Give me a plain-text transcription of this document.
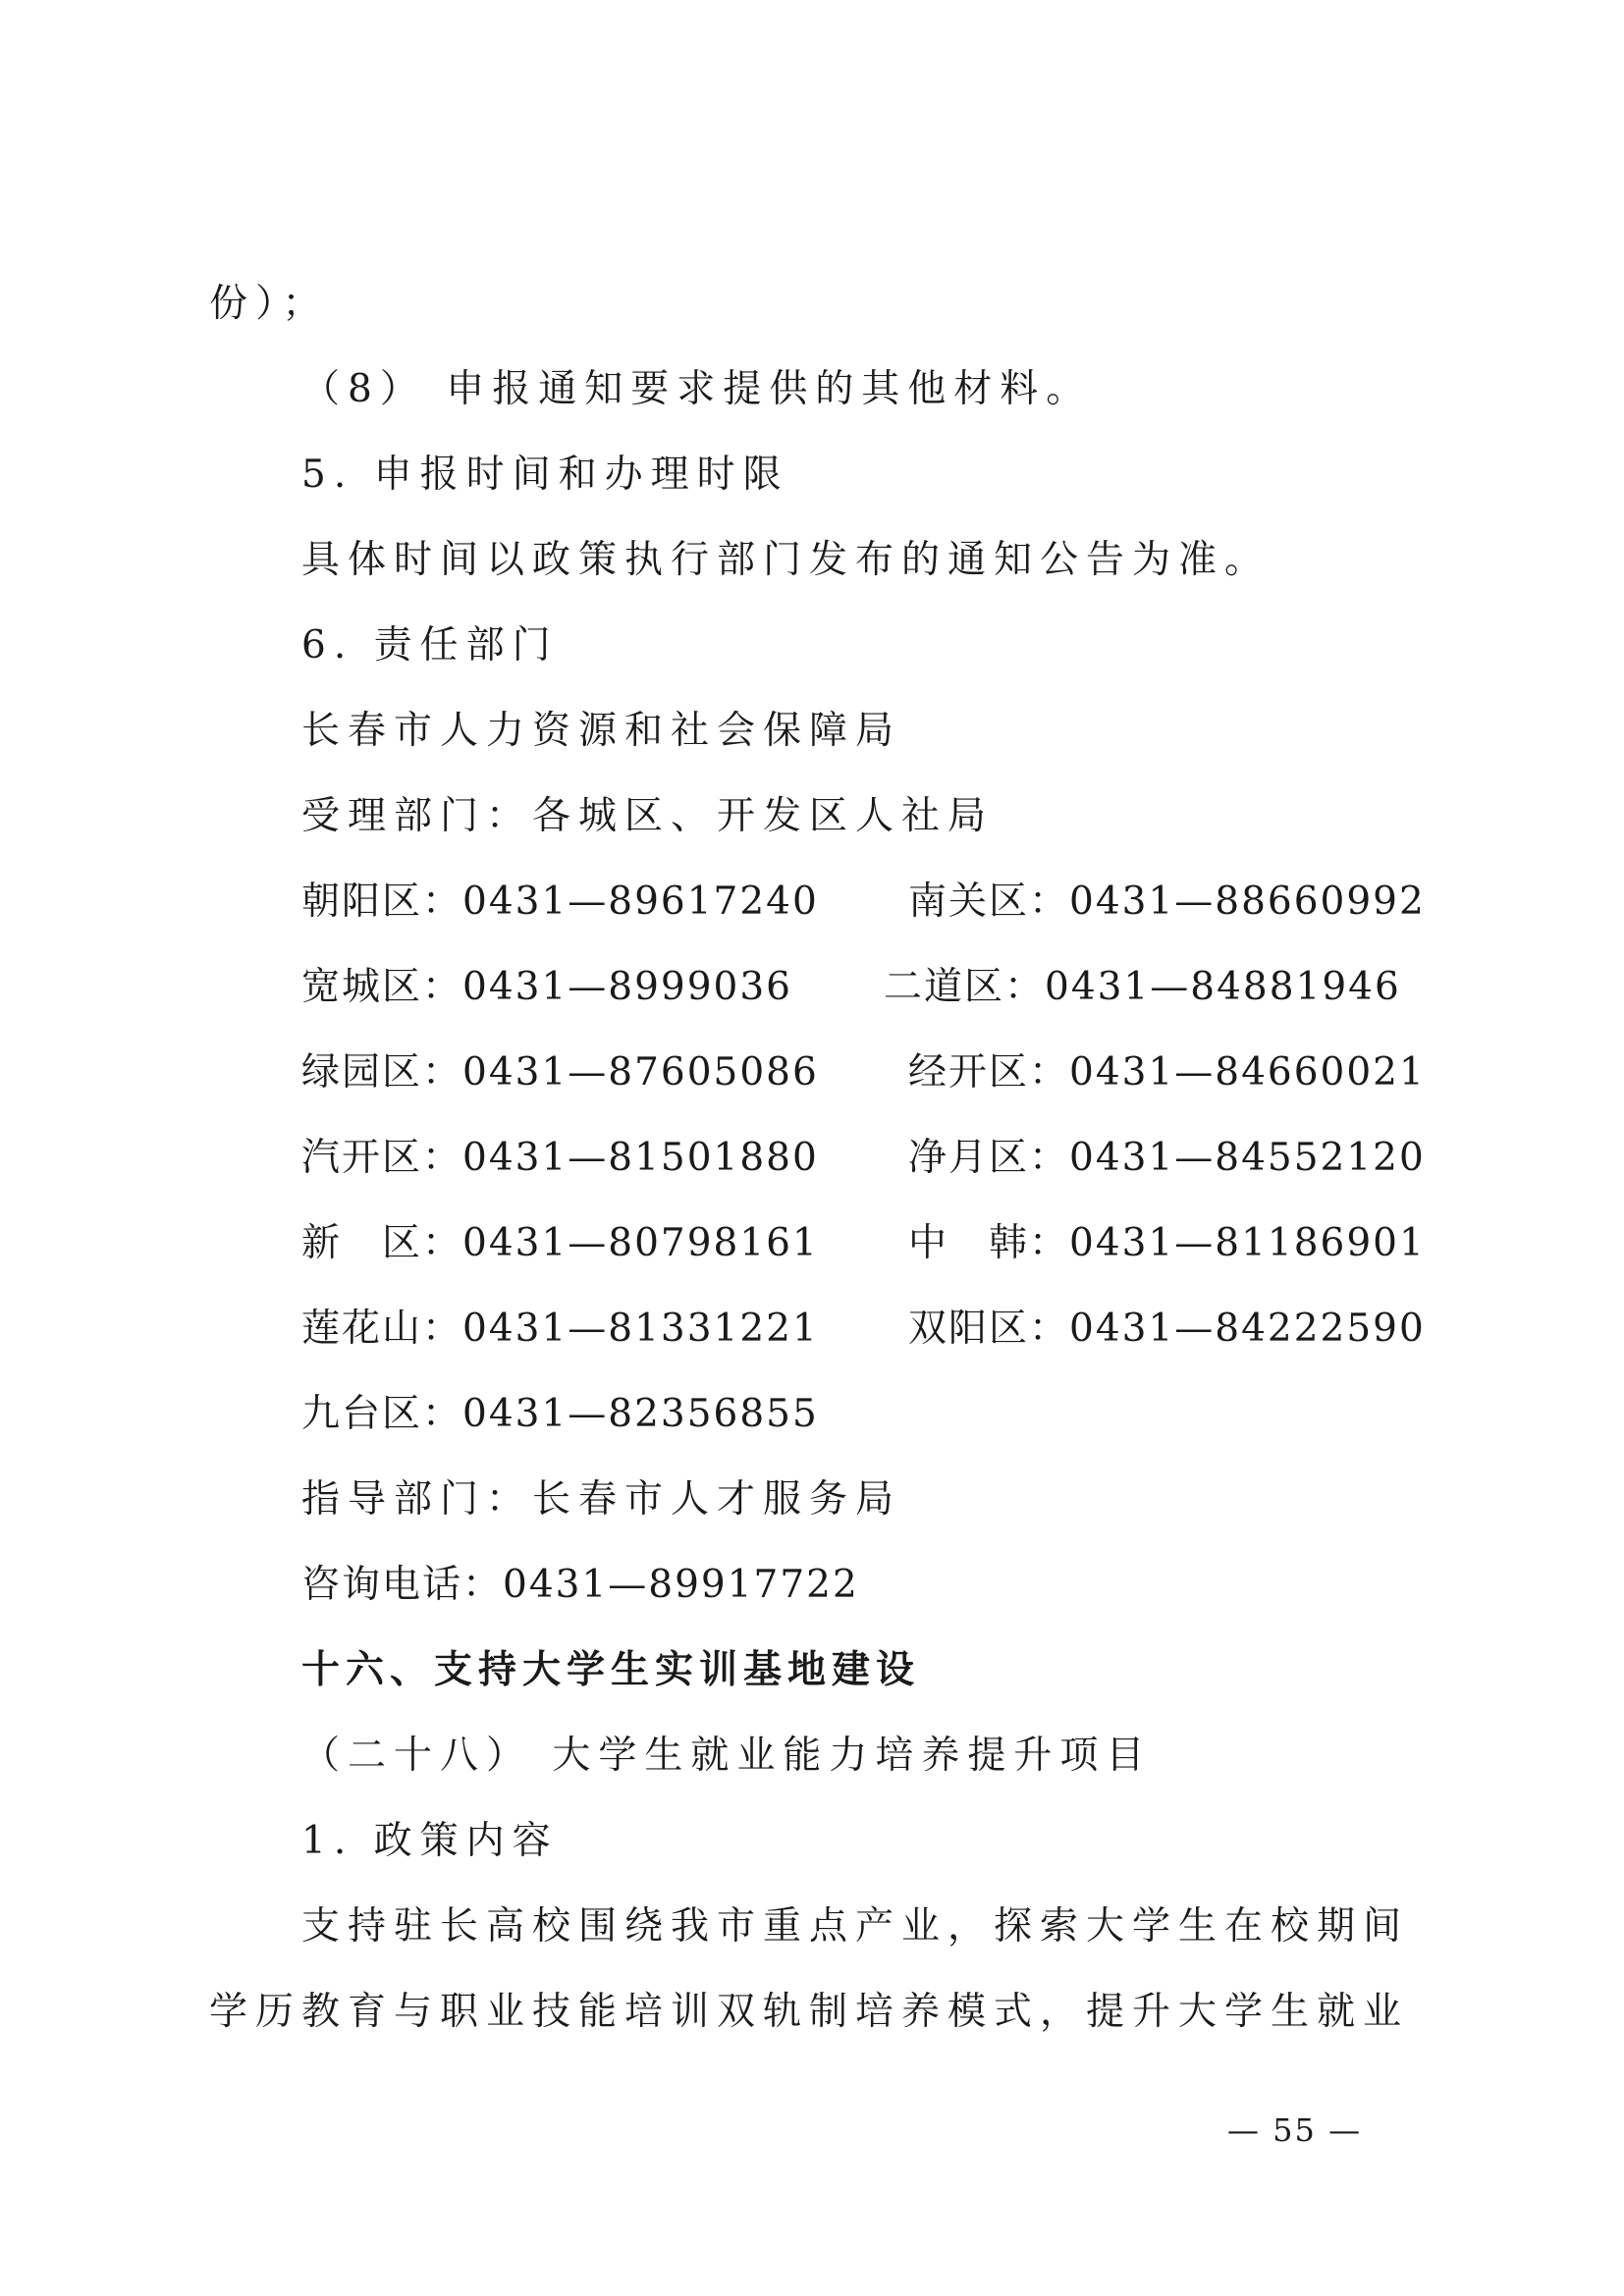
份）；
（8） 申报通知要求提供的其他材料。
5. 申报时间和办理时限
具体时间以政策执行部门发布的通知公告为准。
6. 责任部门
长春市人力资源和社会保障局
受理部门：各城区、开发区人社局
朝阳区：0431—89617240
宽城区：0431—8999036
绿园区：0431—87605086
汽开区：0431—81501880
新　区：0431—80798161
莲花山：0431—81331221
九台区：0431—82356855
南关区：0431—88660992
二道区：0431—84881946
经开区：0431—84660021
净月区：0431—84552120
中　韩：0431—81186901
双阳区：0431—84222590
指导部门：长春市人才服务局
咨询电话：0431—89917722
十六、支持大学生实训基地建设
（二十八） 大学生就业能力培养提升项目
1. 政策内容
支持驻长高校围绕我市重点产业，探索大学生在校期间
学历教育与职业技能培训双轨制培养模式，提升大学生就业
— 55 —
